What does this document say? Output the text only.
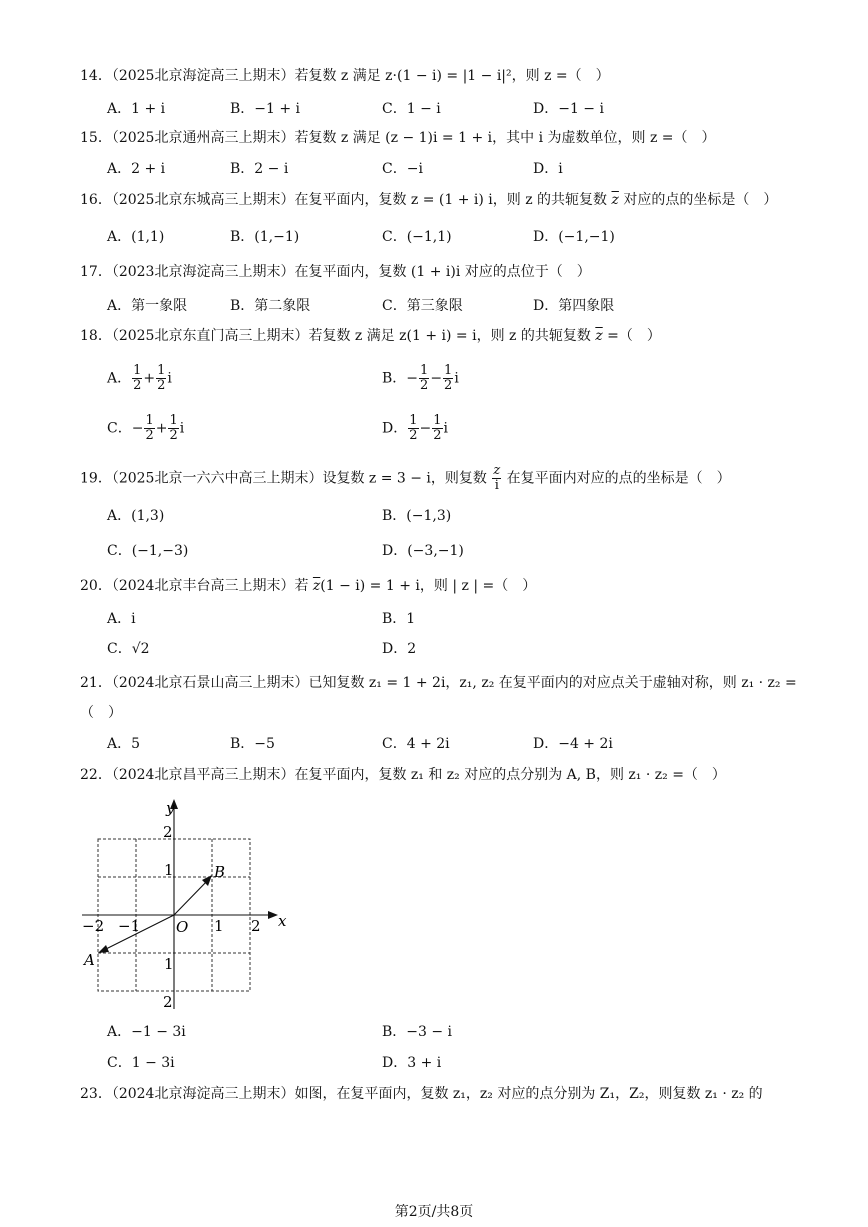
14．（2025北京海淀高三上期末）若复数 z 满足 z·(1 − i) = |1 − i|²，则 z =（　）
A．1 + i	B．−1 + i	C．1 − i	D．−1 − i
15．（2025北京通州高三上期末）若复数 z 满足 (z − 1)i = 1 + i，其中 i 为虚数单位，则 z =（　）
A．2 + i	B．2 − i	C．−i	D．i
16．（2025北京东城高三上期末）在复平面内，复数 z = (1 + i) i，则 z 的共轭复数 $\overline{z}$ 对应的点的坐标是（　）
A．(1,1)	B．(1,−1)	C．(−1,1)	D．(−1,−1)
17．（2023北京海淀高三上期末）在复平面内，复数 (1 + i)i 对应的点位于（　）
A．第一象限	B．第二象限	C．第三象限	D．第四象限
18．（2025北京东直门高三上期末）若复数 z 满足 z(1 + i) = i，则 z 的共轭复数 $\overline{z}$ =（　）
A． $\frac{1}{2} + \frac{1}{2}$ i	B．− $\frac{1}{2} - \frac{1}{2}$ i
C．− $\frac{1}{2} + \frac{1}{2}$ i	D． $\frac{1}{2} - \frac{1}{2}$ i
19．（2025北京一六六中高三上期末）设复数 z = 3 − i，则复数 $\frac{z}{i}$ 在复平面内对应的点的坐标是（　）
A．(1,3)	B．(−1,3)
C．(−1,−3)	D．(−3,−1)
20．（2024北京丰台高三上期末）若 $\overline{z}(1 - i) = 1 + i$，则 | z | =（　）
A．i	B．1
C．√2	D．2
21．（2024北京石景山高三上期末）已知复数 z₁ = 1 + 2i，z₁, z₂ 在复平面内的对应点关于虚轴对称，则 z₁ · z₂ =
（　）
A．5	B．−5	C．4 + 2i	D．−4 + 2i
22．（2024北京昌平高三上期末）在复平面内，复数 z₁ 和 z₂ 对应的点分别为 A, B，则 z₁ · z₂ =（　）
x
y
O
−2 −1	1 2
2
1
1
2
B
A
A．−1 − 3i	B．−3 − i
C．1 − 3i	D．3 + i
23．（2024北京海淀高三上期末）如图，在复平面内，复数 z₁，z₂ 对应的点分别为 Z₁，Z₂，则复数 z₁ · z₂ 的
第2页/共8页
